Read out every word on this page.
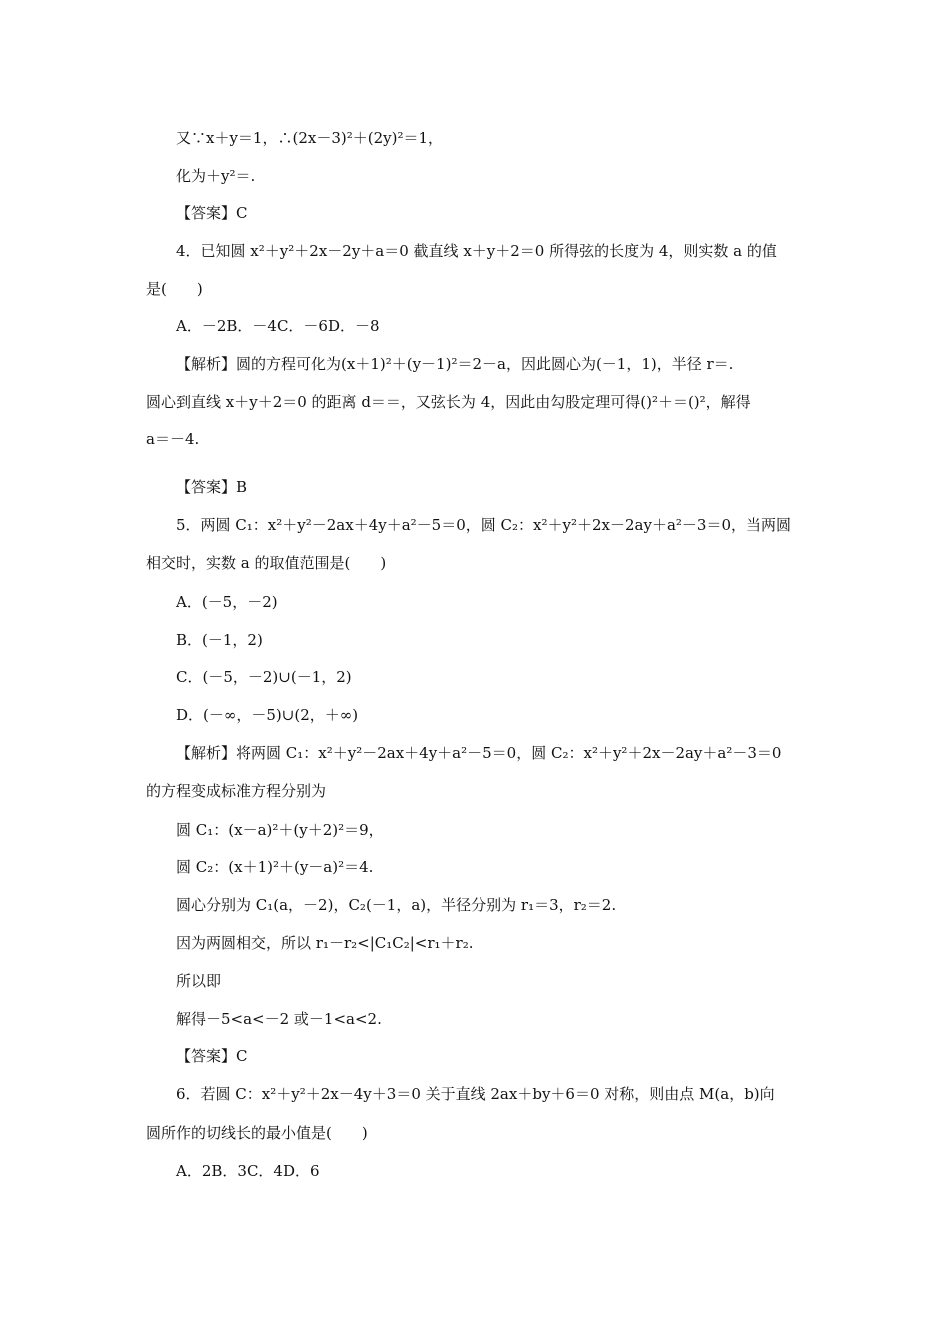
又∵x＋y＝1，∴(2x－3)²＋(2y)²＝1，
化为＋y²＝.
【答案】C
4．已知圆 x²＋y²＋2x－2y＋a＝0 截直线 x＋y＋2＝0 所得弦的长度为 4，则实数 a 的值
是(　　)
A．－2B．－4C．－6D．－8
【解析】圆的方程可化为(x＋1)²＋(y－1)²＝2－a，因此圆心为(－1，1)，半径 r＝.
圆心到直线 x＋y＋2＝0 的距离 d＝＝，又弦长为 4，因此由勾股定理可得()²＋＝()²，解得
a＝－4.
【答案】B
5．两圆 C₁：x²＋y²－2ax＋4y＋a²－5＝0，圆 C₂：x²＋y²＋2x－2ay＋a²－3＝0，当两圆
相交时，实数 a 的取值范围是(　　)
A．(－5，－2)
B．(－1，2)
C．(－5，－2)∪(－1，2)
D．(－∞，－5)∪(2，＋∞)
【解析】将两圆 C₁：x²＋y²－2ax＋4y＋a²－5＝0，圆 C₂：x²＋y²＋2x－2ay＋a²－3＝0
的方程变成标准方程分别为
圆 C₁：(x－a)²＋(y＋2)²＝9，
圆 C₂：(x＋1)²＋(y－a)²＝4.
圆心分别为 C₁(a，－2)，C₂(－1，a)，半径分别为 r₁＝3，r₂＝2.
因为两圆相交，所以 r₁－r₂<|C₁C₂|<r₁＋r₂.
所以即
解得－5<a<－2 或－1<a<2.
【答案】C
6．若圆 C：x²＋y²＋2x－4y＋3＝0 关于直线 2ax＋by＋6＝0 对称，则由点 M(a，b)向
圆所作的切线长的最小值是(　　)
A．2B．3C．4D．6
